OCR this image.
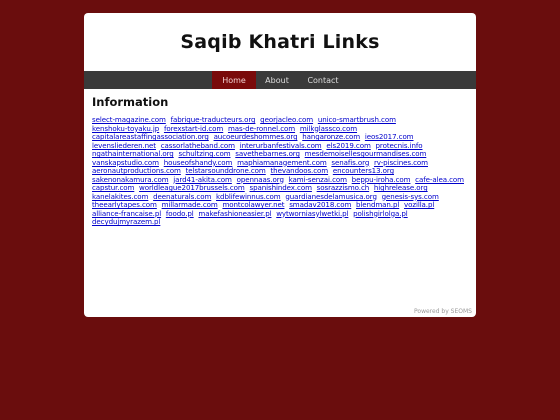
Saqib Khatri Links
Home	About	Contact
Information
select-magazine.com fabrique-traducteurs.org georjacleo.com unico-smartbrush.com kenshoku-toyaku.jp forexstart-id.com mas-de-ronnel.com milkglassco.com capitalareastaffingassociation.org aucoeurdeshommes.org hangaronze.com ieos2017.com levensliederen.net cassorlatheband.com interurbanfestivals.com els2019.com protecnis.info ngathainternational.org schultzing.com savethebarnes.org mesdemoisellesgourmandises.com vanskapstudio.com houseofshandy.com maphiamanagement.com senafis.org rv-piscines.com aeronautproductions.com telstarsounddrone.com thevandoos.com encounters13.org sakenonakamura.com jard41-akita.com opennaas.org kami-senzai.com beppu-iroha.com cafe-alea.com capstur.com worldleague2017brussels.com spanishindex.com sosrazzismo.ch highrelease.org kanelakites.com deenaturals.com kdblifewinnus.com guardianesdelamusica.org genesis-sys.com theearlytapes.com millarmade.com montcolawyer.net smadav2018.com blendman.pl vozilla.pl alliance-francaise.pl foodo.pl makefashioneasier.pl wytworniasylwetki.pl polishgirlolga.pl decydujmyrazem.pl
Powered by SEOMS
